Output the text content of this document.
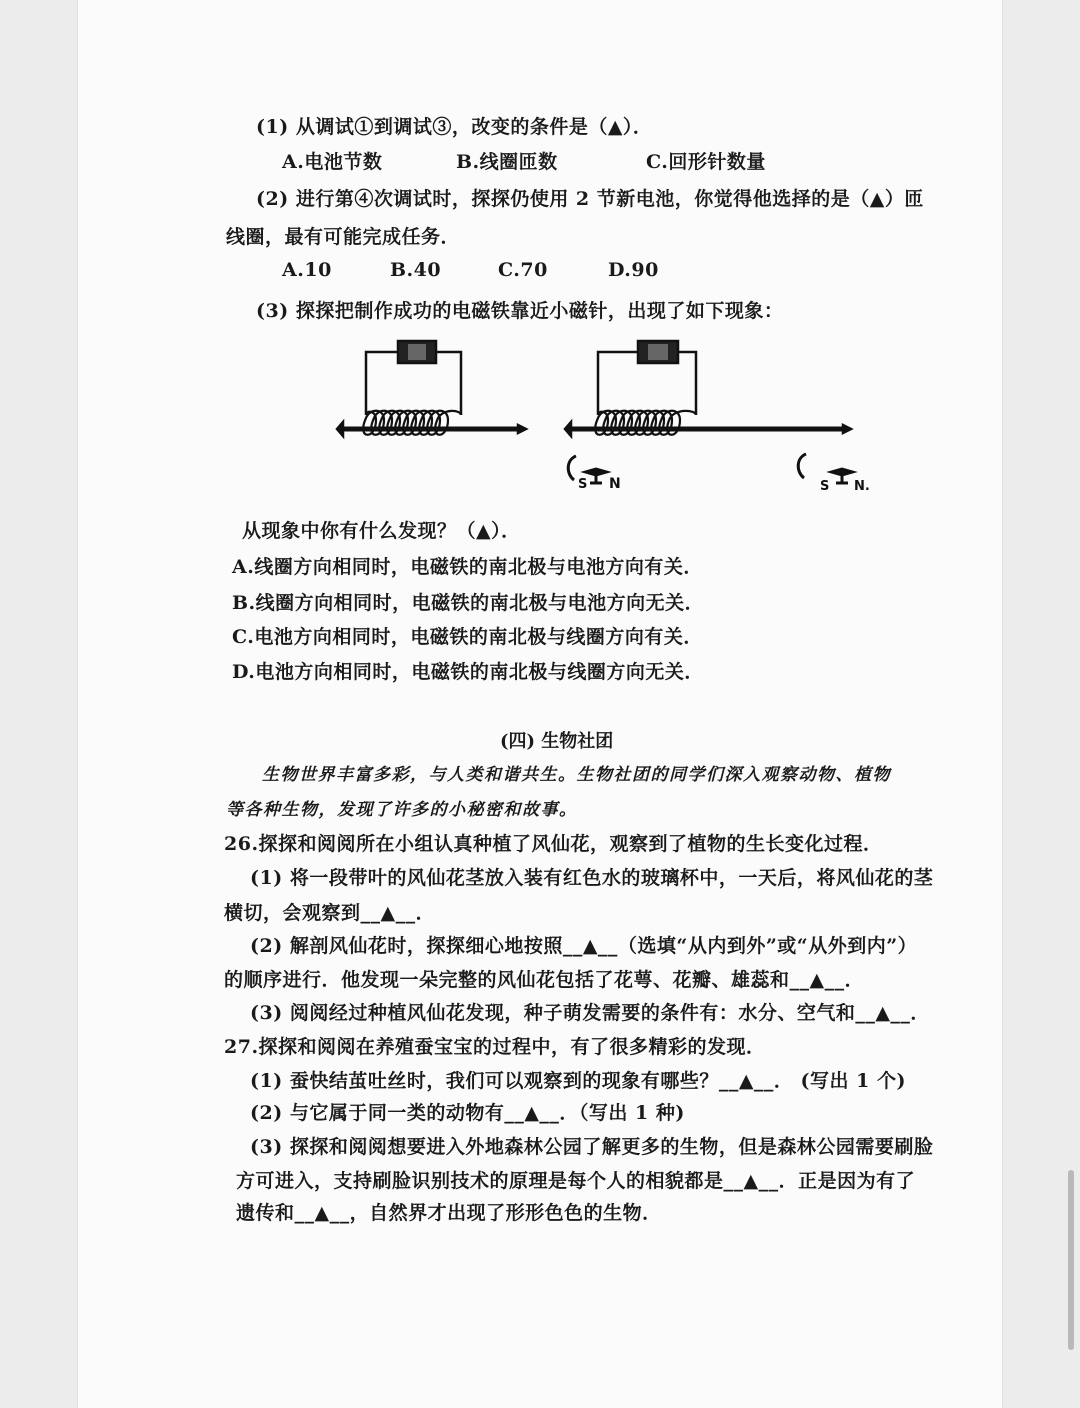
(1) 从调试①到调试③，改变的条件是（▲）．
A.电池节数	B.线圈匝数	C.回形针数量
(2) 进行第④次调试时，探探仍使用 2 节新电池，你觉得他选择的是（▲）匝
线圈，最有可能完成任务．
A.10	B.40	C.70	D.90
(3) 探探把制作成功的电磁铁靠近小磁针，出现了如下现象：
S N	S N.
从现象中你有什么发现？（▲）．
A.线圈方向相同时，电磁铁的南北极与电池方向有关．
B.线圈方向相同时，电磁铁的南北极与电池方向无关．
C.电池方向相同时，电磁铁的南北极与线圈方向有关．
D.电池方向相同时，电磁铁的南北极与线圈方向无关．
(四) 生物社团
生物世界丰富多彩，与人类和谐共生。生物社团的同学们深入观察动物、植物
等各种生物，发现了许多的小秘密和故事。
26.探探和阅阅所在小组认真种植了风仙花，观察到了植物的生长变化过程．
(1) 将一段带叶的风仙花茎放入装有红色水的玻璃杯中，一天后，将风仙花的茎
横切，会观察到__▲__．
(2) 解剖风仙花时，探探细心地按照__▲__（选填“从内到外”或“从外到内”）
的顺序进行．他发现一朵完整的风仙花包括了花萼、花瓣、雄蕊和__▲__．
(3) 阅阅经过种植风仙花发现，种子萌发需要的条件有：水分、空气和__▲__．
27.探探和阅阅在养殖蚕宝宝的过程中，有了很多精彩的发现．
(1) 蚕快结茧吐丝时，我们可以观察到的现象有哪些？__▲__． (写出 1 个)
(2) 与它属于同一类的动物有__▲__．（写出 1 种)
(3) 探探和阅阅想要进入外地森林公园了解更多的生物，但是森林公园需要刷脸
方可进入，支持刷脸识别技术的原理是每个人的相貌都是__▲__．正是因为有了
遗传和__▲__，自然界才出现了形形色色的生物．
